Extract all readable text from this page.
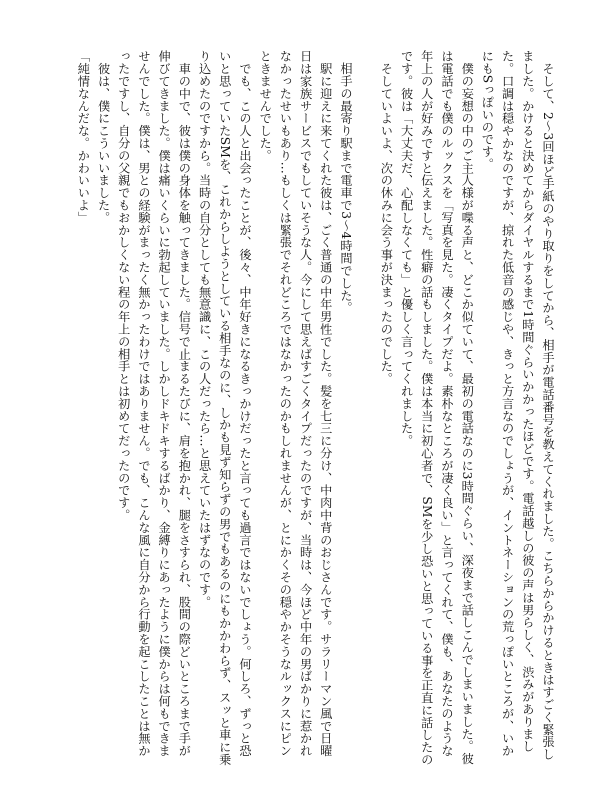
　そして、2〜3回ほど手紙のやり取りをしてから、相手が電話番号を教えてくれました。こちらからかけるときはすごく緊張しました。かけると決めてからダイヤルするまで1時間ぐらいかかったほどです。電話越しの彼の声は男らしく、渋みがありました。口調は穏やかなのですが、掠れた低音の感じや、きっと方言なのでしょうが、イントネーションの荒っぽいところが、いかにもSっぽいのです。

　僕の妄想の中のご主人様が喋る声と、どこか似ていて、最初の電話なのに3時間ぐらい、深夜まで話しこんでしまいました。彼は電話でも僕のルックスを「写真を見た。凄くタイプだよ。素朴なところが凄く良い」と言ってくれて、僕も、あなたのような年上の人が好みですと伝えました。性癖の話もしました。僕は本当に初心者で、SMを少し恐いと思っている事を正直に話したのです。彼は「大丈夫だ、心配しなくても」と優しく言ってくれました。

　そしていよいよ、次の休みに会う事が決まったのでした。

　相手の最寄り駅まで電車で3〜4時間でした。

　駅に迎えに来てくれた彼は、ごく普通の中年男性でした。髪を七三に分け、中肉中背のおじさんです。サラリーマン風で日曜日は家族サービスでもしていそうな人。今にして思えばすごくタイプだったのですが、当時は、今ほど中年の男ばかりに惹かれなかったせいもあり…もしくは緊張でそれどころではなかったのかもしれませんが、とにかくその穏やかそうなルックスにピンときませんでした。

　でも、この人と出会ったことが、後々、中年好きになるきっかけだったと言っても過言ではないでしょう。何しろ、ずっと恐いと思っていたSMを、これからしようとしている相手なのに、しかも見ず知らずの男でもあるのにもかかわらず、スッと車に乗り込めたのですから。当時の自分としても無意識に、この人だったら…と思えていたはずなのです。

　車の中で、彼は僕の身体を触ってきました。信号で止まるたびに、肩を抱かれ、腿をさすられ、股間の際どいところまで手が伸びてきました。僕は痛いくらいに勃起していました。しかしドキドキするばかり、金縛りにあったように僕からは何もできませんでした。僕は、男との経験がまったく無かったわけではありません。でも、こんな風に自分から行動を起こしたことは無かったですし、自分の父親でもおかしくない程の年上の相手とは初めてだったのです。

　彼は、僕にこういいました。

「純情なんだな。かわいいよ」
